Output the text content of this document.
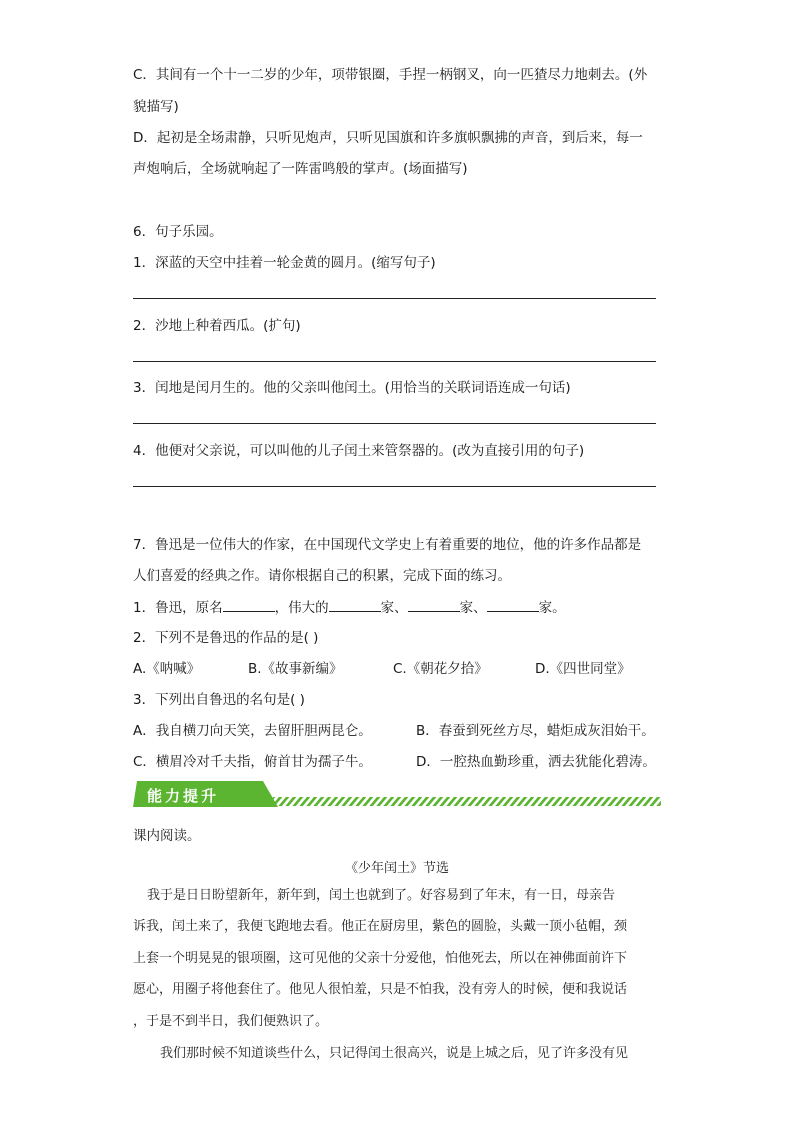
C．其间有一个十一二岁的少年，项带银圈，手捏一柄钢叉，向一匹猹尽力地刺去。(外
貌描写)
D．起初是全场肃静，只听见炮声，只听见国旗和许多旗帜飘拂的声音，到后来，每一
声炮响后，全场就响起了一阵雷鸣般的掌声。(场面描写)
6．句子乐园。
1．深蓝的天空中挂着一轮金黄的圆月。(缩写句子)
2．沙地上种着西瓜。(扩句)
3．闰地是闰月生的。他的父亲叫他闰土。(用恰当的关联词语连成一句话)
4．他便对父亲说，可以叫他的儿子闰土来管祭器的。(改为直接引用的句子)
7．鲁迅是一位伟大的作家，在中国现代文学史上有着重要的地位，他的许多作品都是
人们喜爱的经典之作。请你根据自己的积累，完成下面的练习。
1．鲁迅，原名	，伟大的	家、	家、	家。
2．下列不是鲁迅的作品的是( )
A.《呐喊》	B.《故事新编》	C.《朝花夕拾》	D.《四世同堂》
3．下列出自鲁迅的名句是( )
A．我自横刀向天笑，去留肝胆两昆仑。	B．春蚕到死丝方尽，蜡炬成灰泪始干。
C．横眉冷对千夫指，俯首甘为孺子牛。	D．一腔热血勤珍重，洒去犹能化碧涛。
能力提升
课内阅读。
《少年闰土》节选
我于是日日盼望新年，新年到，闰土也就到了。好容易到了年末，有一日，母亲告
诉我，闰土来了，我便飞跑地去看。他正在厨房里，紫色的圆脸，头戴一顶小毡帽，颈
上套一个明晃晃的银项圈，这可见他的父亲十分爱他，怕他死去，所以在神佛面前许下
愿心，用圈子将他套住了。他见人很怕羞，只是不怕我，没有旁人的时候，便和我说话
，于是不到半日，我们便熟识了。
我们那时候不知道谈些什么，只记得闰土很高兴，说是上城之后，见了许多没有见
